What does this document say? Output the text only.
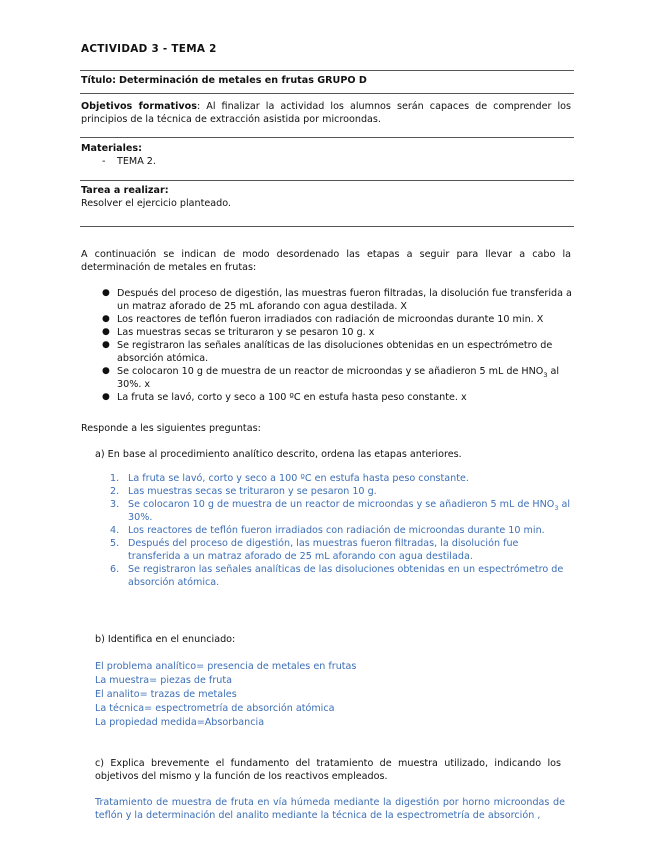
ACTIVIDAD 3 - TEMA 2
Título: Determinación de metales en frutas GRUPO D
Objetivos formativos: Al finalizar la actividad los alumnos serán capaces de comprender los principios de la técnica de extracción asistida por microondas.
Materiales:
- TEMA 2.
Tarea a realizar:
Resolver el ejercicio planteado.
A continuación se indican de modo desordenado las etapas a seguir para llevar a cabo la determinación de metales en frutas:
● Después del proceso de digestión, las muestras fueron filtradas, la disolución fue transferida a un matraz aforado de 25 mL aforando con agua destilada. X
● Los reactores de teflón fueron irradiados con radiación de microondas durante 10 min. X
● Las muestras secas se trituraron y se pesaron 10 g. x
● Se registraron las señales analíticas de las disoluciones obtenidas en un espectrómetro de absorción atómica.
● Se colocaron 10 g de muestra de un reactor de microondas y se añadieron 5 mL de $HNO_3$ al 30%. x
● La fruta se lavó, corto y seco a 100 ºC en estufa hasta peso constante. x
Responde a les siguientes preguntas:
a) En base al procedimiento analítico descrito, ordena las etapas anteriores.
1. La fruta se lavó, corto y seco a 100 ºC en estufa hasta peso constante.
2. Las muestras secas se trituraron y se pesaron 10 g.
3. Se colocaron 10 g de muestra de un reactor de microondas y se añadieron 5 mL de $HNO_3$ al 30%.
4. Los reactores de teflón fueron irradiados con radiación de microondas durante 10 min.
5. Después del proceso de digestión, las muestras fueron filtradas, la disolución fue transferida a un matraz aforado de 25 mL aforando con agua destilada.
6. Se registraron las señales analíticas de las disoluciones obtenidas en un espectrómetro de absorción atómica.
b) Identifica en el enunciado:
El problema analítico= presencia de metales en frutas
La muestra= piezas de fruta
El analito= trazas de metales
La técnica= espectrometría de absorción atómica
La propiedad medida=Absorbancia
c) Explica brevemente el fundamento del tratamiento de muestra utilizado, indicando los objetivos del mismo y la función de los reactivos empleados.
Tratamiento de muestra de fruta en vía húmeda mediante la digestión por horno microondas de teflón y la determinación del analito mediante la técnica de la espectrometría de absorción ,
